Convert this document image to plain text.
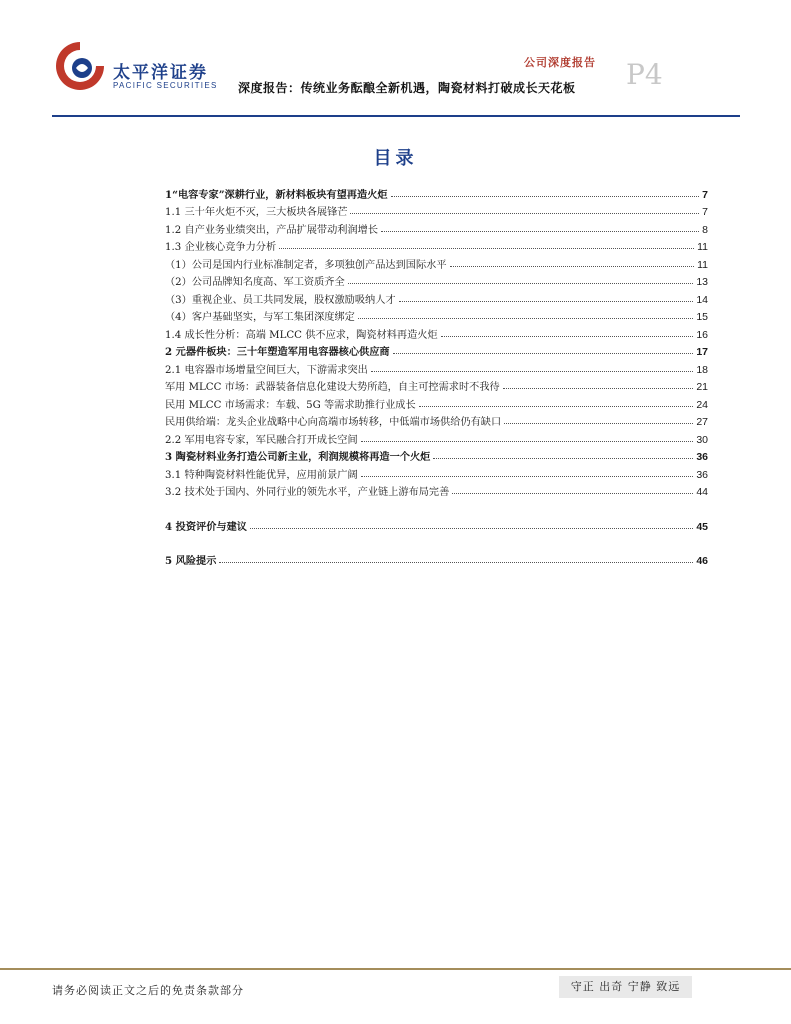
太平洋证券
PACIFIC SECURITIES
公司深度报告 P4
深度报告：传统业务酝酿全新机遇，陶瓷材料打破成长天花板
目录
1“电容专家”深耕行业，新材料板块有望再造火炬	7
1.1 三十年火炬不灭，三大板块各展锋芒	7
1.2 自产业务业绩突出，产品扩展带动利润增长	8
1.3 企业核心竞争力分析	11
（1）公司是国内行业标准制定者，多项独创产品达到国际水平	11
（2）公司品牌知名度高、军工资质齐全	13
（3）重视企业、员工共同发展，股权激励吸纳人才	14
（4）客户基础坚实，与军工集团深度绑定	15
1.4 成长性分析：高端 MLCC 供不应求，陶瓷材料再造火炬	16
2 元器件板块：三十年塑造军用电容器核心供应商	17
2.1 电容器市场增量空间巨大，下游需求突出	18
军用 MLCC 市场：武器装备信息化建设大势所趋，自主可控需求时不我待	21
民用 MLCC 市场需求：车载、5G 等需求助推行业成长	24
民用供给端：龙头企业战略中心向高端市场转移，中低端市场供给仍有缺口	27
2.2 军用电容专家，军民融合打开成长空间	30
3 陶瓷材料业务打造公司新主业，利润规模将再造一个火炬	36
3.1 特种陶瓷材料性能优异，应用前景广阔	36
3.2 技术处于国内、外同行业的领先水平，产业链上游布局完善	44
4 投资评价与建议	45
5 风险提示	46
请务必阅读正文之后的免责条款部分	守正 出奇 宁静 致远
